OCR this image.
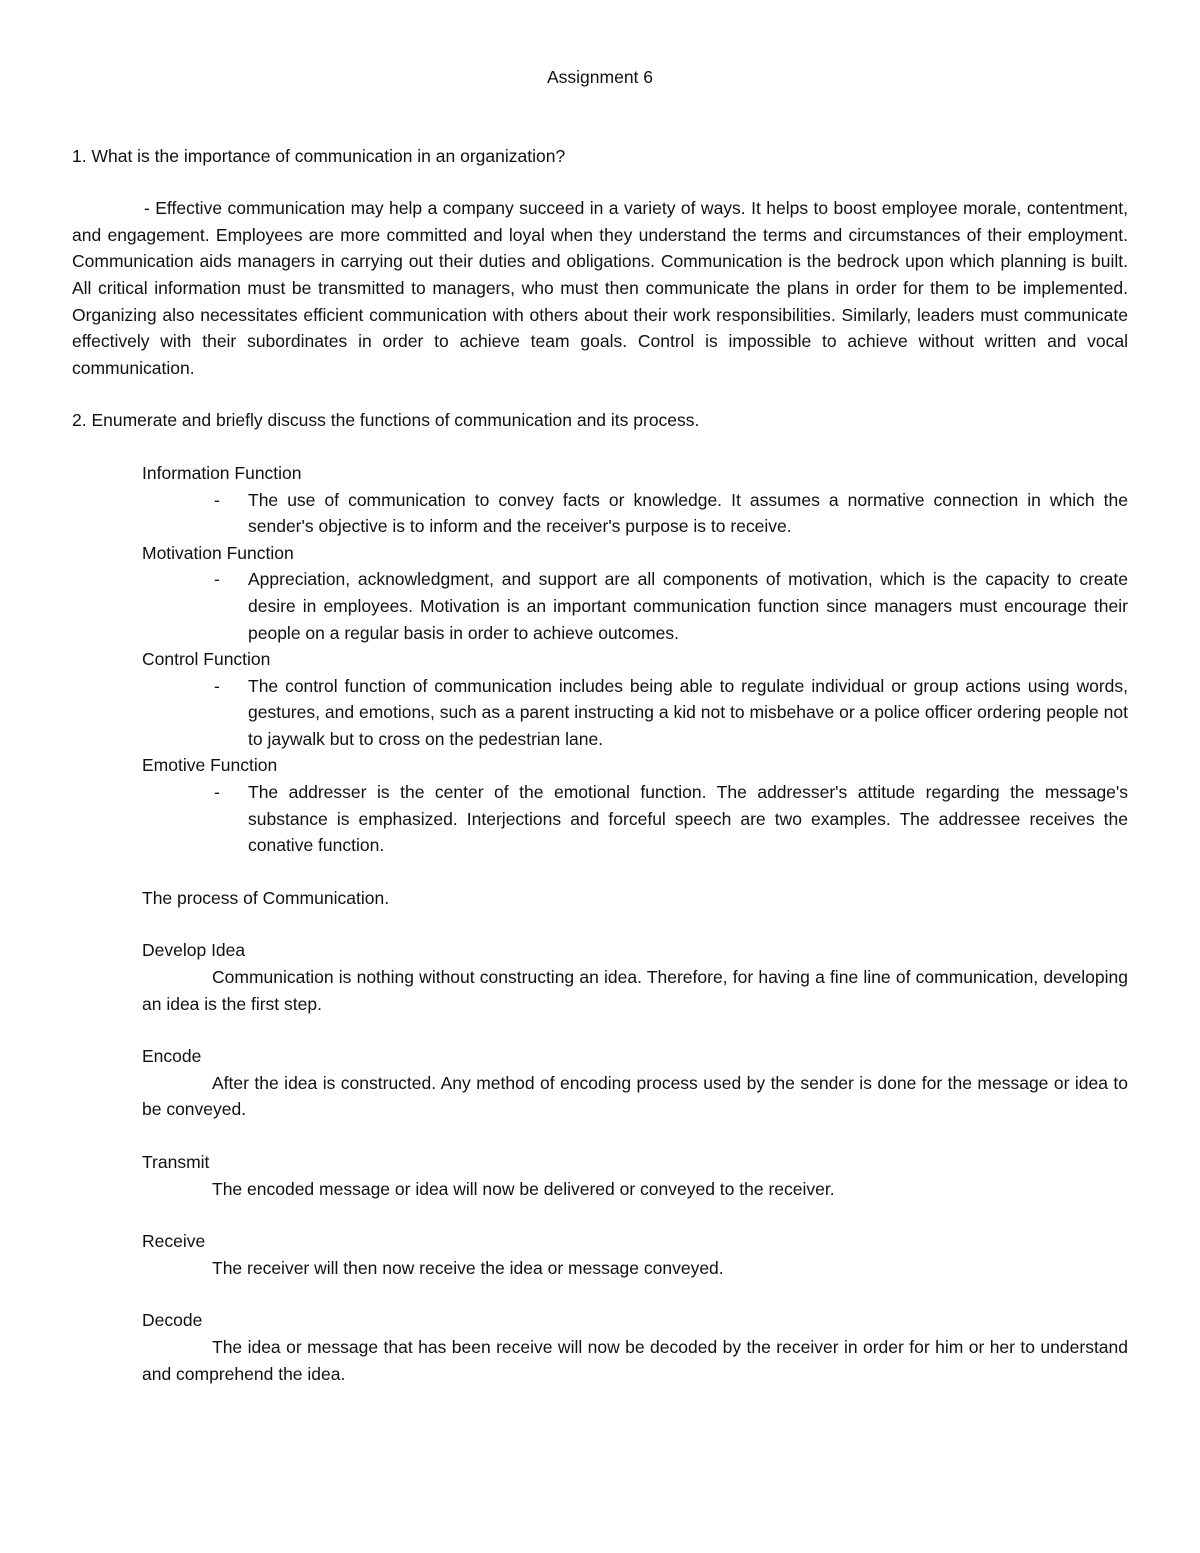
Assignment 6
1. What is the importance of communication in an organization?
- Effective communication may help a company succeed in a variety of ways. It helps to boost employee morale, contentment, and engagement. Employees are more committed and loyal when they understand the terms and circumstances of their employment. Communication aids managers in carrying out their duties and obligations. Communication is the bedrock upon which planning is built. All critical information must be transmitted to managers, who must then communicate the plans in order for them to be implemented. Organizing also necessitates efficient communication with others about their work responsibilities. Similarly, leaders must communicate effectively with their subordinates in order to achieve team goals. Control is impossible to achieve without written and vocal communication.
2. Enumerate and briefly discuss the functions of communication and its process.
Information Function
- The use of communication to convey facts or knowledge. It assumes a normative connection in which the sender's objective is to inform and the receiver's purpose is to receive.
Motivation Function
- Appreciation, acknowledgment, and support are all components of motivation, which is the capacity to create desire in employees. Motivation is an important communication function since managers must encourage their people on a regular basis in order to achieve outcomes.
Control Function
- The control function of communication includes being able to regulate individual or group actions using words, gestures, and emotions, such as a parent instructing a kid not to misbehave or a police officer ordering people not to jaywalk but to cross on the pedestrian lane.
Emotive Function
- The addresser is the center of the emotional function. The addresser's attitude regarding the message's substance is emphasized. Interjections and forceful speech are two examples. The addressee receives the conative function.
The process of Communication.
Develop Idea
Communication is nothing without constructing an idea. Therefore, for having a fine line of communication, developing an idea is the first step.
Encode
After the idea is constructed. Any method of encoding process used by the sender is done for the message or idea to be conveyed.
Transmit
The encoded message or idea will now be delivered or conveyed to the receiver.
Receive
The receiver will then now receive the idea or message conveyed.
Decode
The idea or message that has been receive will now be decoded by the receiver in order for him or her to understand and comprehend the idea.
